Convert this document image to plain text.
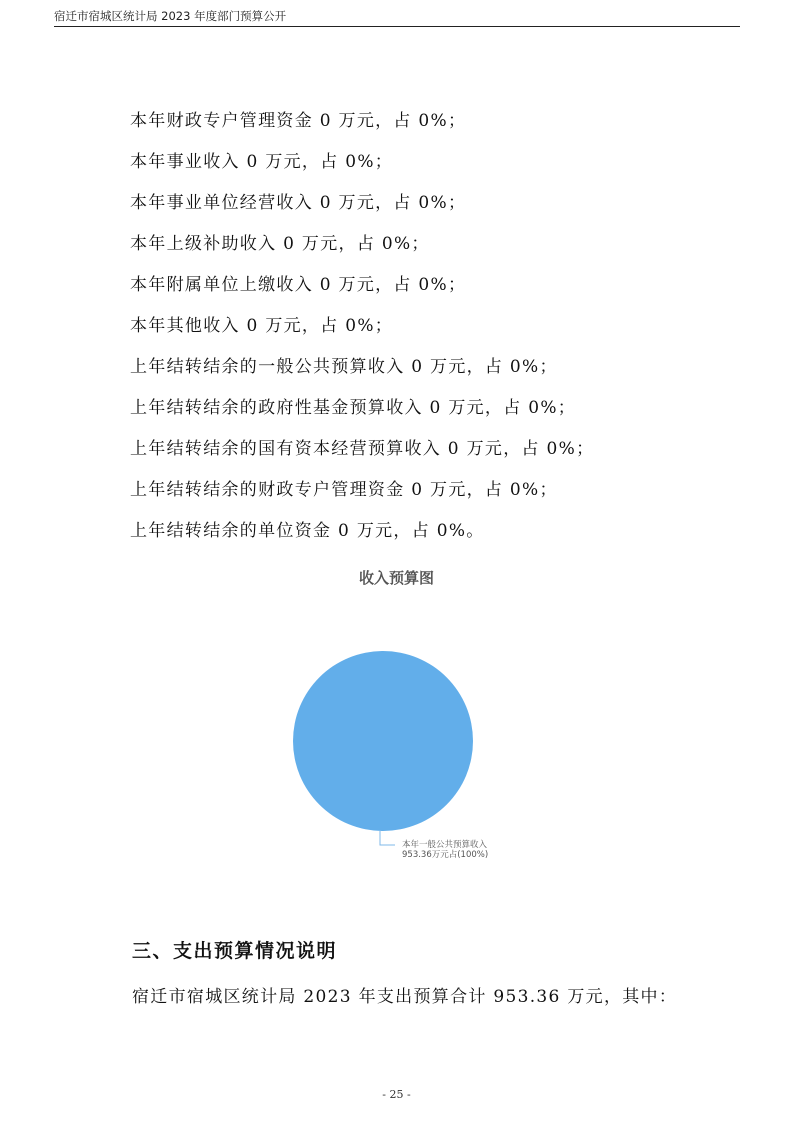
宿迁市宿城区统计局 2023 年度部门预算公开
本年财政专户管理资金 0 万元，占 0%；
本年事业收入 0 万元，占 0%；
本年事业单位经营收入 0 万元，占 0%；
本年上级补助收入 0 万元，占 0%；
本年附属单位上缴收入 0 万元，占 0%；
本年其他收入 0 万元，占 0%；
上年结转结余的一般公共预算收入 0 万元，占 0%；
上年结转结余的政府性基金预算收入 0 万元，占 0%；
上年结转结余的国有资本经营预算收入 0 万元，占 0%；
上年结转结余的财政专户管理资金 0 万元，占 0%；
上年结转结余的单位资金 0 万元，占 0%。
收入预算图
本年一般公共预算收入
953.36万元占(100%)
三、支出预算情况说明
宿迁市宿城区统计局 2023 年支出预算合计 953.36 万元，其中：
- 25 -
